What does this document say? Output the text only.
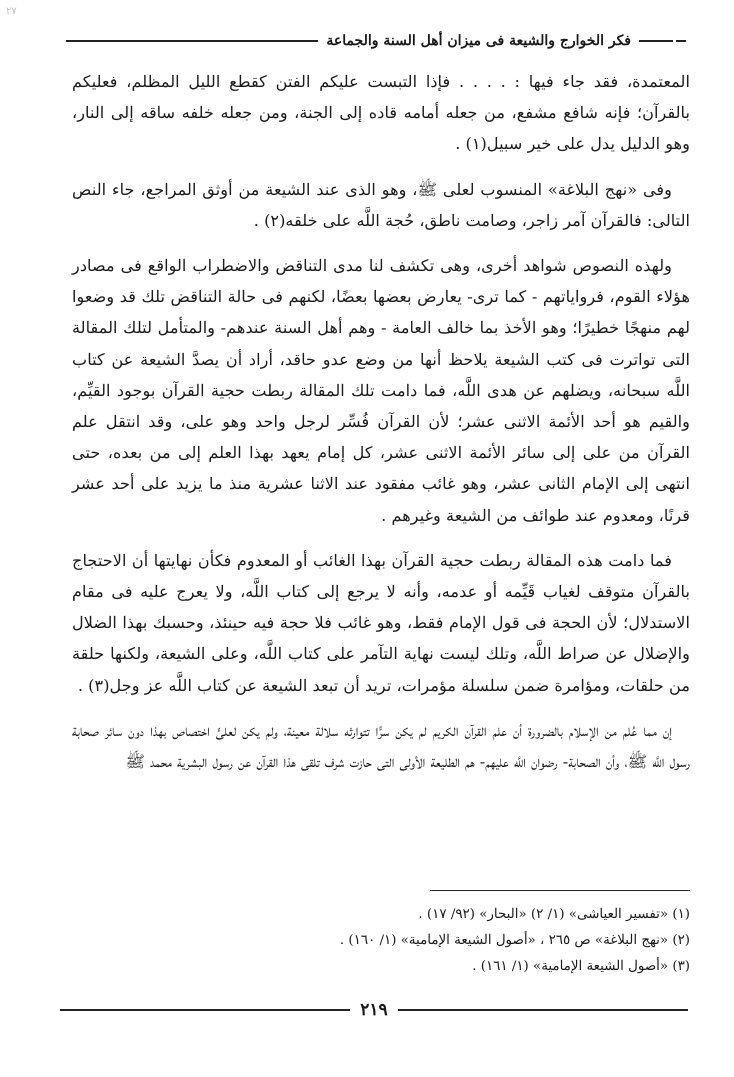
٢٧
فكر الخوارج والشيعة فى ميزان أهل السنة والجماعة

المعتمدة، فقد جاء فيها : . . . . فإذا التبست عليكم الفتن كقطع الليل المظلم، فعليكم بالقرآن؛ فإنه شافع مشفع، من جعله أمامه قاده إلى الجنة، ومن جعله خلفه ساقه إلى النار، وهو الدليل يدل على خير سبيل(١) .

وفى «نهج البلاغة» المنسوب لعلى ﷺ، وهو الذى عند الشيعة من أوثق المراجع، جاء النص التالى: فالقرآن آمر زاجر، وصامت ناطق، حُجة اللَّه على خلقه(٢) .

ولهذه النصوص شواهد أخرى، وهى تكشف لنا مدى التناقض والاضطراب الواقع فى مصادر هؤلاء القوم، فرواياتهم - كما ترى- يعارض بعضها بعضًا، لكنهم فى حالة التناقض تلك قد وضعوا لهم منهجًا خطيرًا؛ وهو الأخذ بما خالف العامة - وهم أهل السنة عندهم- والمتأمل لتلك المقالة التى تواترت فى كتب الشيعة يلاحظ أنها من وضع عدو حاقد، أراد أن يصدَّ الشيعة عن كتاب اللَّه سبحانه، ويضلهم عن هدى اللَّه، فما دامت تلك المقالة ربطت حجية القرآن بوجود القيِّم، والقيم هو أحد الأئمة الاثنى عشر؛ لأن القرآن فُسِّر لرجل واحد وهو على، وقد انتقل علم القرآن من على إلى سائر الأئمة الاثنى عشر، كل إمام يعهد بهذا العلم إلى من بعده، حتى انتهى إلى الإمام الثانى عشر، وهو غائب مفقود عند الاثنا عشرية منذ ما يزيد على أحد عشر قرنًا، ومعدوم عند طوائف من الشيعة وغيرهم .

فما دامت هذه المقالة ربطت حجية القرآن بهذا الغائب أو المعدوم فكأن نهايتها أن الاحتجاج بالقرآن متوقف لغياب قَيِّمه أو عدمه، وأنه لا يرجع إلى كتاب اللَّه، ولا يعرج عليه فى مقام الاستدلال؛ لأن الحجة فى قول الإمام فقط، وهو غائب فلا حجة فيه حينئذ، وحسبك بهذا الضلال والإضلال عن صراط اللَّه، وتلك ليست نهاية التآمر على كتاب اللَّه، وعلى الشيعة، ولكنها حلقة من حلقات، ومؤامرة ضمن سلسلة مؤمرات، تريد أن تبعد الشيعة عن كتاب اللَّه عز وجل(٣) .

إن مما عُلم من الإسلام بالضرورة أن علم القرآن الكريم لم يكن سرًّا تتوارثه سلالة معينة، ولم يكن لعلىٍّ اختصاص بهذا دون سائر صحابة رسول اللَّه ﷺ، وأن الصحابة- رضوان اللَّه عليهم- هم الطليعة الأولى التى حازت شرف تلقى هذا القرآن عن رسول البشرية محمد ﷺ

(١) «تفسير العياشى» (١/ ٢) «البحار» (٩٢/ ١٧) .
(٢) «نهج البلاغة» ص ٢٦٥ ، «أصول الشيعة الإمامية» (١/ ١٦٠) .
(٣) «أصول الشيعة الإمامية» (١/ ١٦١) .
٢١٩
